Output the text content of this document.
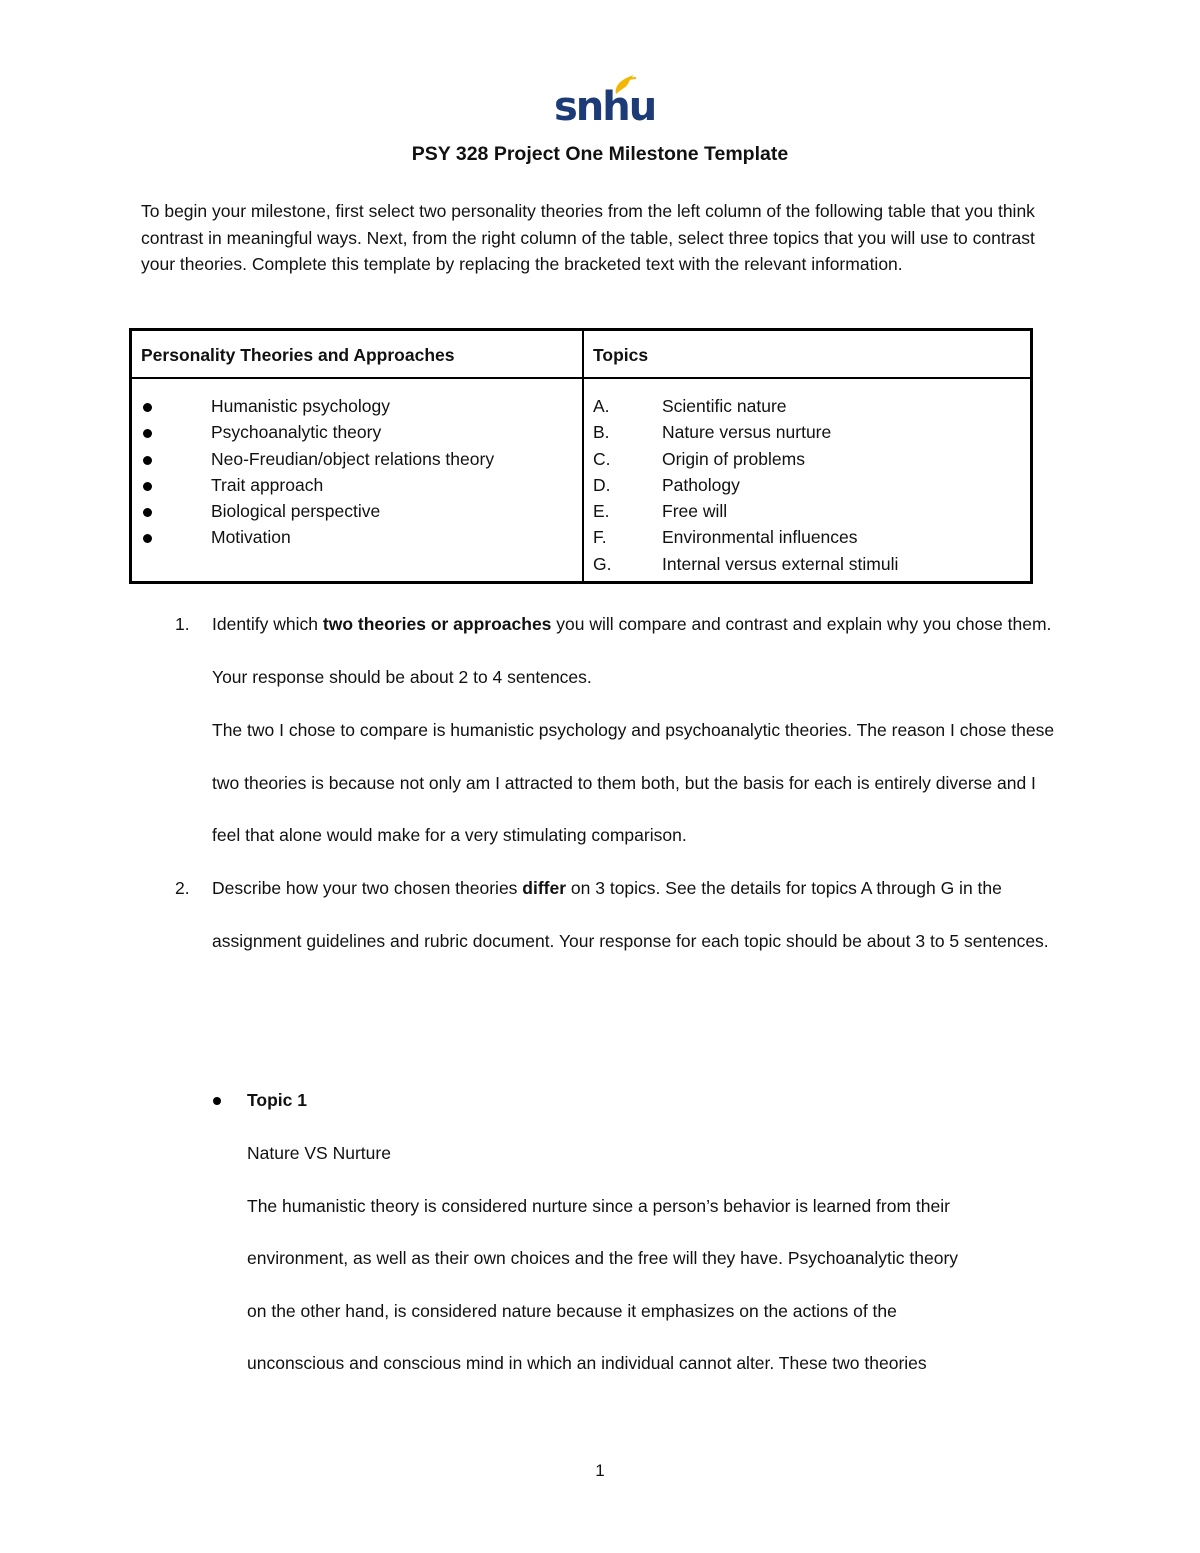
snhu
PSY 328 Project One Milestone Template

To begin your milestone, first select two personality theories from the left column of the following table that you think contrast in meaningful ways. Next, from the right column of the table, select three topics that you will use to contrast your theories. Complete this template by replacing the bracketed text with the relevant information.

Personality Theories and Approaches	Topics
Humanistic psychology
Psychoanalytic theory
Neo-Freudian/object relations theory
Trait approach
Biological perspective
Motivation
A.	Scientific nature
B.	Nature versus nurture
C.	Origin of problems
D.	Pathology
E.	Free will
F.	Environmental influences
G.	Internal versus external stimuli
1. Identify which two theories or approaches you will compare and contrast and explain why you chose them. Your response should be about 2 to 4 sentences.
The two I chose to compare is humanistic psychology and psychoanalytic theories. The reason I chose these two theories is because not only am I attracted to them both, but the basis for each is entirely diverse and I feel that alone would make for a very stimulating comparison.
2. Describe how your two chosen theories differ on 3 topics. See the details for topics A through G in the assignment guidelines and rubric document. Your response for each topic should be about 3 to 5 sentences.
Topic 1

Nature VS Nurture

The humanistic theory is considered nurture since a person’s behavior is learned from their

environment, as well as their own choices and the free will they have. Psychoanalytic theory

on the other hand, is considered nature because it emphasizes on the actions of the

unconscious and conscious mind in which an individual cannot alter. These two theories

1
